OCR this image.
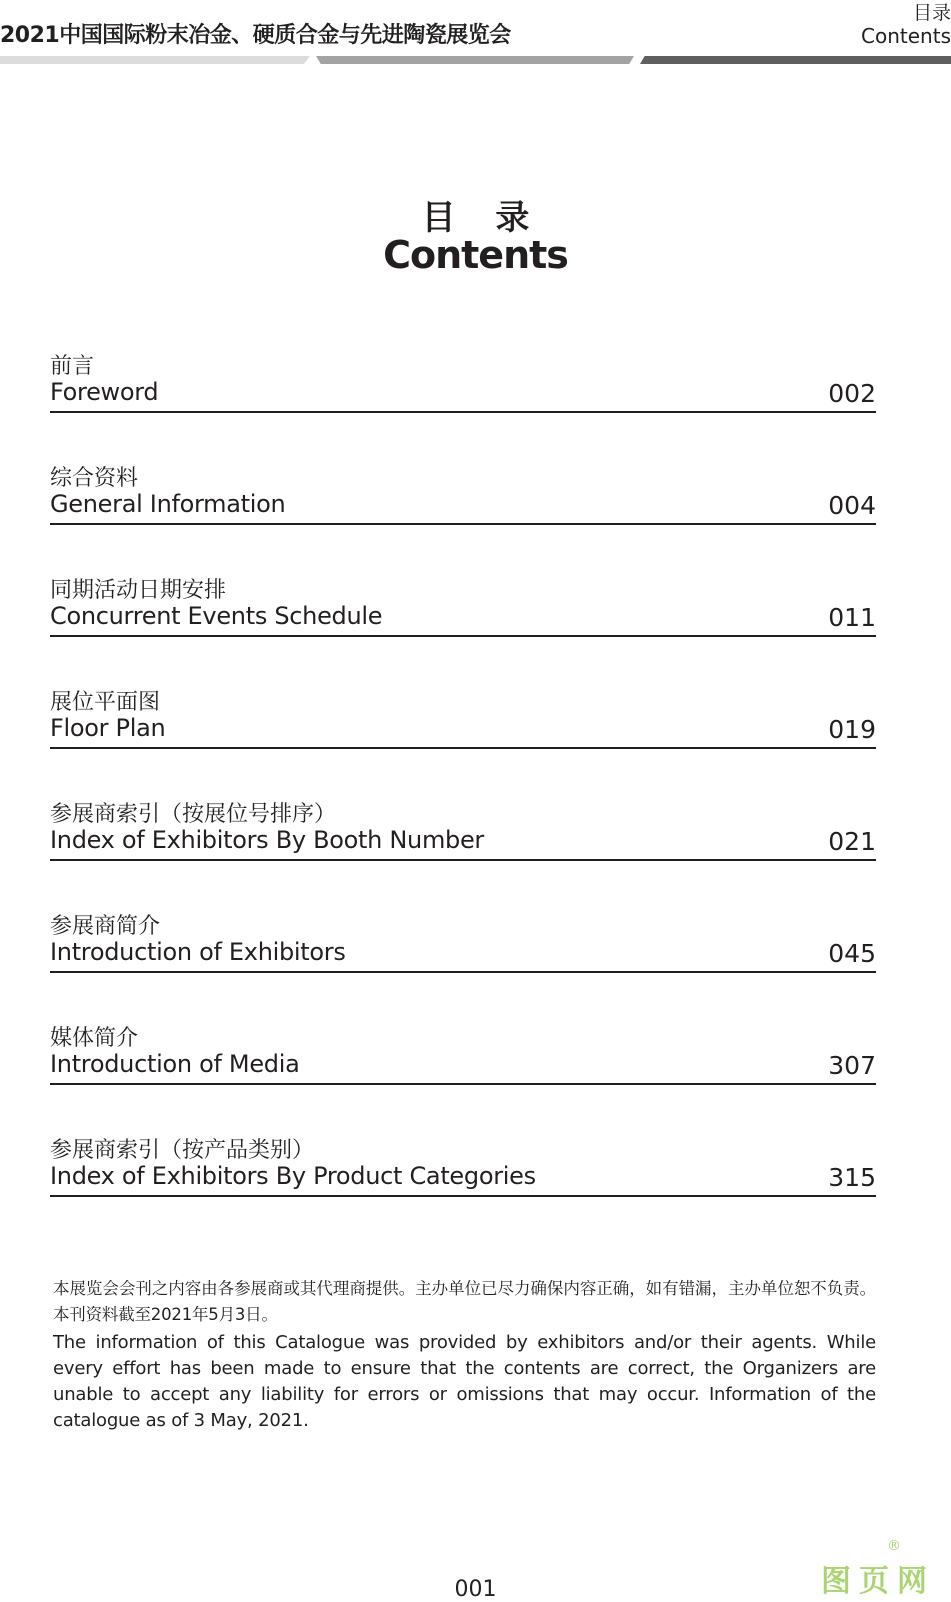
2021中国国际粉末冶金、硬质合金与先进陶瓷展览会
目录
Contents
目 录
Contents
前言
Foreword	002
综合资料
General Information	004
同期活动日期安排
Concurrent Events Schedule	011
展位平面图
Floor Plan	019
参展商索引（按展位号排序）
Index of Exhibitors By Booth Number	021
参展商简介
Introduction of Exhibitors	045
媒体简介
Introduction of Media	307
参展商索引（按产品类别）
Index of Exhibitors By Product Categories	315
本展览会会刊之内容由各参展商或其代理商提供。主办单位已尽力确保内容正确，如有错漏，主办单位恕不负责。本刊资料截至2021年5月3日。
The information of this Catalogue was provided by exhibitors and/or their agents. While every effort has been made to ensure that the contents are correct, the Organizers are unable to accept any liability for errors or omissions that may occur. Information of the catalogue as of 3 May, 2021.
001	图页网
®
